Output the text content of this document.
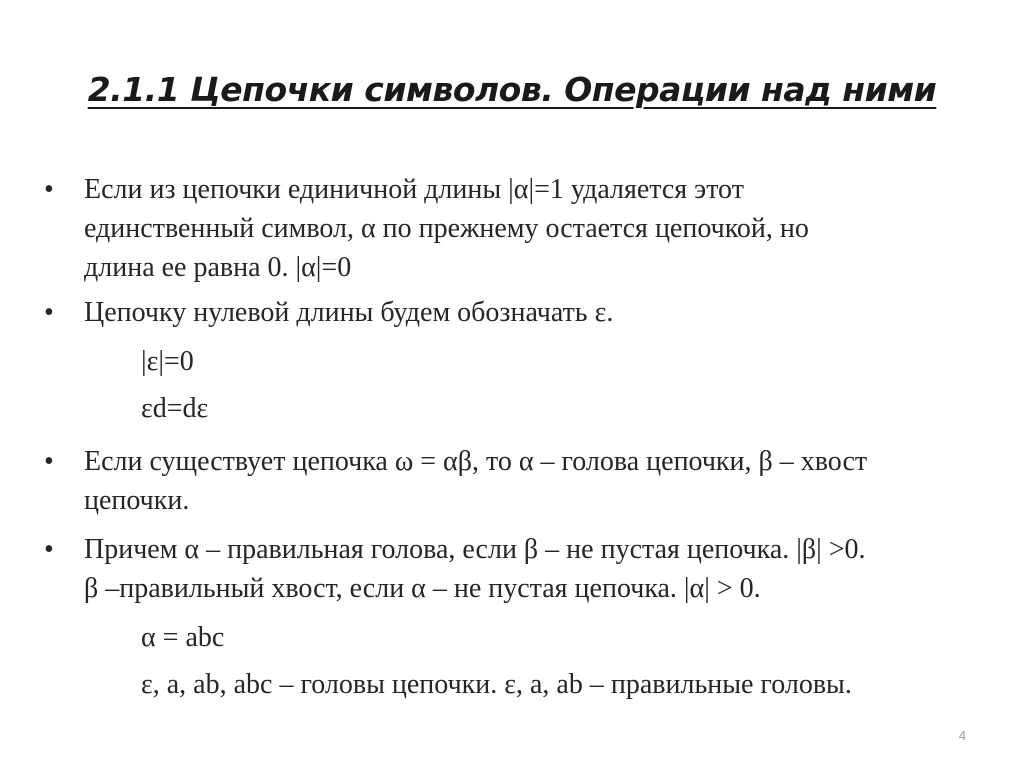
2.1.1 Цепочки символов. Операции над ними
• Если из цепочки единичной длины |α|=1 удаляется этот
единственный символ, α по прежнему остается цепочкой, но
длина ее равна 0. |α|=0
• Цепочку нулевой длины будем обозначать ε.
|ε|=0
εd=dε
• Если существует цепочка ω = αβ, то α – голова цепочки, β – хвост
цепочки.
• Причем α – правильная голова, если β – не пустая цепочка. |β| >0.
β –правильный хвост, если α – не пустая цепочка. |α| > 0.
α = abc
ε, a, ab, abc – головы цепочки. ε, a, ab – правильные головы.
4
